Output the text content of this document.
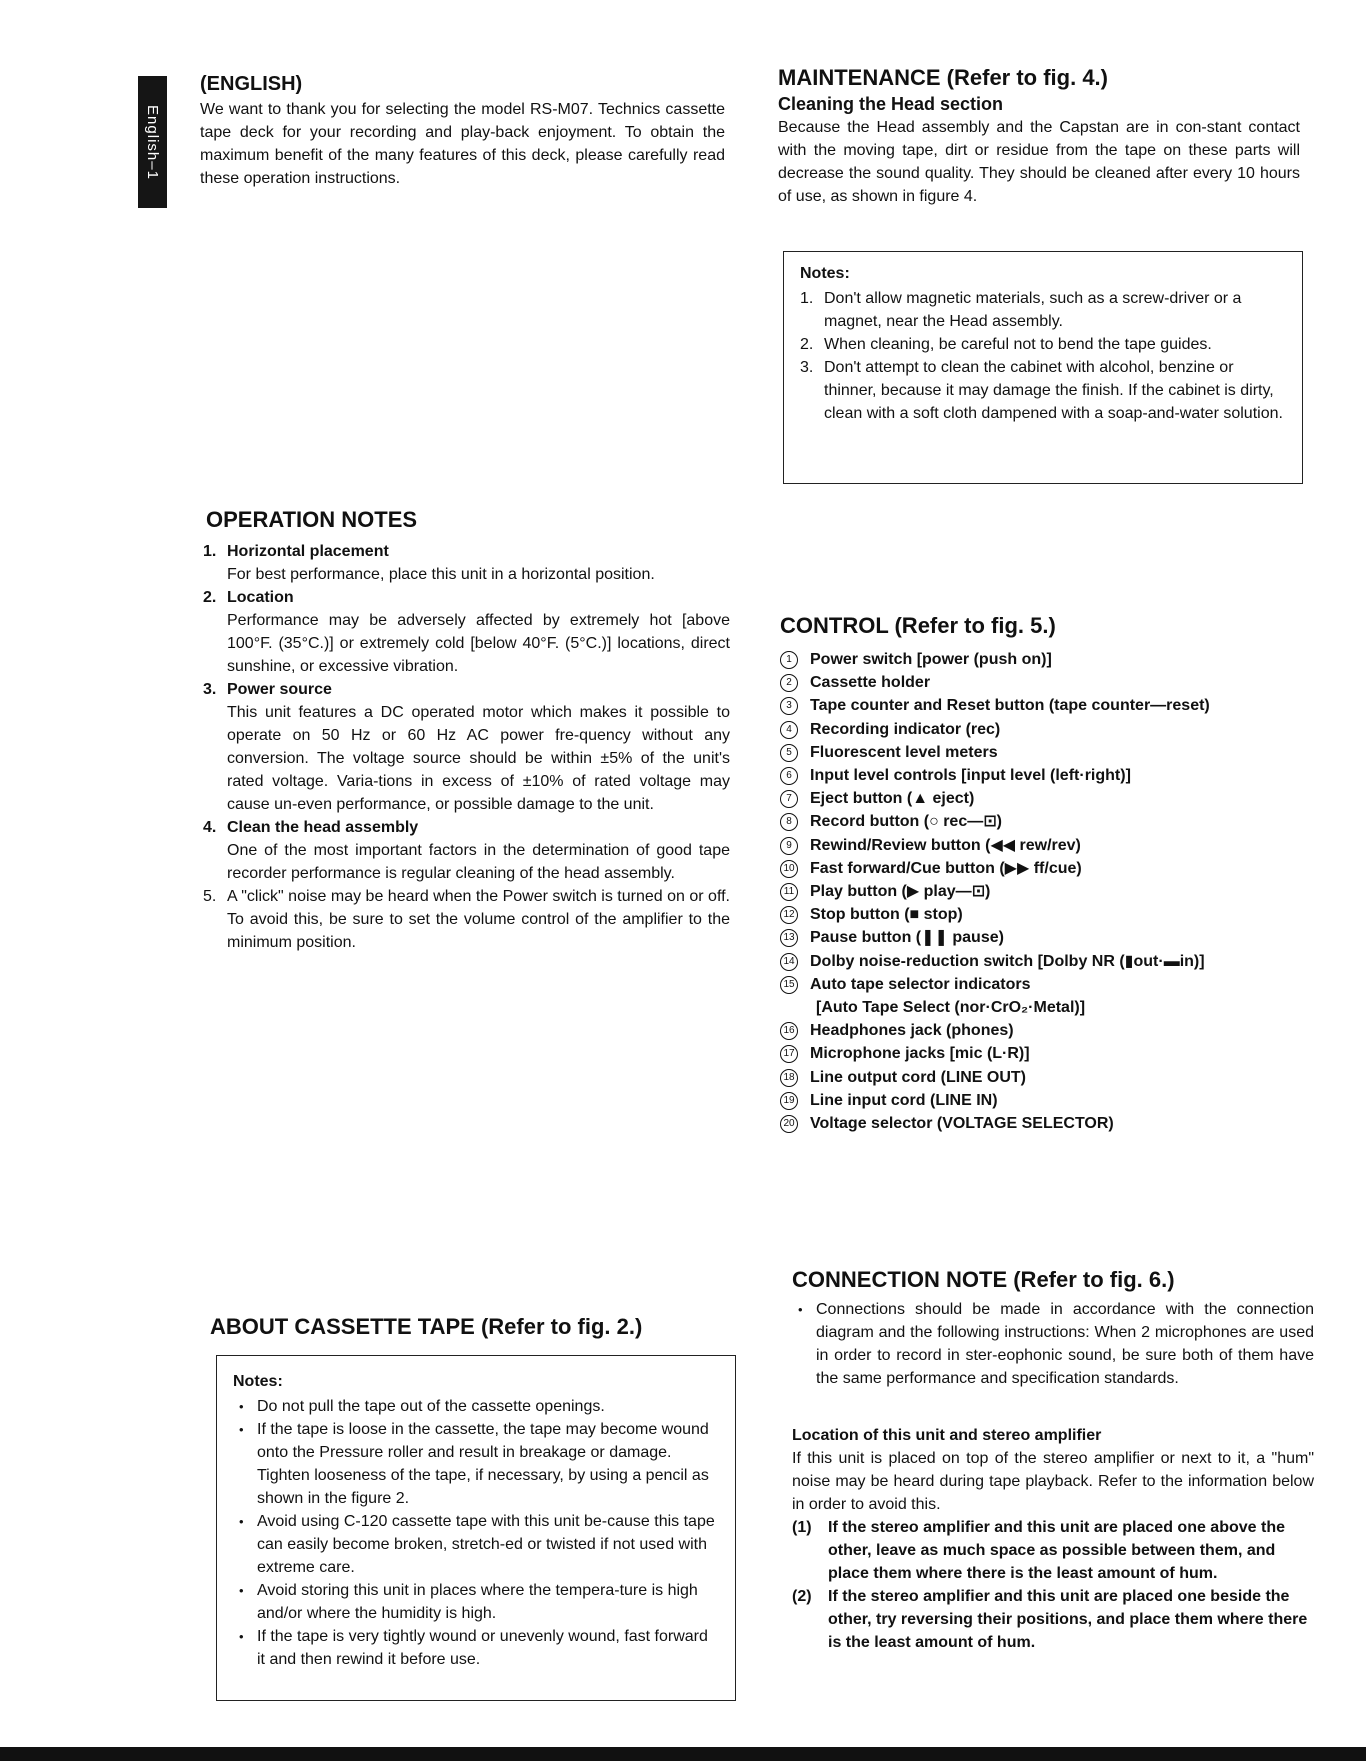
English–1
(ENGLISH)

We want to thank you for selecting the model RS-M07. Technics cassette tape deck for your recording and play-back enjoyment. To obtain the maximum benefit of the many features of this deck, please carefully read these operation instructions.

MAINTENANCE (Refer to fig. 4.)
Cleaning the Head section

Because the Head assembly and the Capstan are in con-stant contact with the moving tape, dirt or residue from the tape on these parts will decrease the sound quality. They should be cleaned after every 10 hours of use, as shown in figure 4.

Notes:
1. Don't allow magnetic materials, such as a screw-driver or a magnet, near the Head assembly.
2. When cleaning, be careful not to bend the tape guides.
3. Don't attempt to clean the cabinet with alcohol, benzine or thinner, because it may damage the finish. If the cabinet is dirty, clean with a soft cloth dampened with a soap-and-water solution.
OPERATION NOTES
1. Horizontal placement
For best performance, place this unit in a horizontal position.
2. Location
Performance may be adversely affected by extremely hot [above 100°F. (35°C.)] or extremely cold [below 40°F. (5°C.)] locations, direct sunshine, or excessive vibration.
3. Power source
This unit features a DC operated motor which makes it possible to operate on 50 Hz or 60 Hz AC power fre-quency without any conversion. The voltage source should be within ±5% of the unit's rated voltage. Varia-tions in excess of ±10% of rated voltage may cause un-even performance, or possible damage to the unit.
4. Clean the head assembly
One of the most important factors in the determination of good tape recorder performance is regular cleaning of the head assembly.
5. A "click" noise may be heard when the Power switch is turned on or off. To avoid this, be sure to set the volume control of the amplifier to the minimum position.
CONTROL (Refer to fig. 5.)
1	Power switch [power (push on)]
2	Cassette holder
3	Tape counter and Reset button (tape counter—reset)
4	Recording indicator (rec)
5	Fluorescent level meters
6	Input level controls [input level (left·right)]
7	Eject button (▲ eject)
8	Record button (○ rec—⊡)
9	Rewind/Review button (◀◀ rew/rev)
10 Fast forward/Cue button (▶▶ ff/cue)
11 Play button (▶ play—⊡)
12 Stop button (■ stop)
13 Pause button (❚❚ pause)
14 Dolby noise-reduction switch [Dolby NR (▮out·▬in)]
15 Auto tape selector indicators
[Auto Tape Select (nor·CrO₂·Metal)]
16 Headphones jack (phones)
17 Microphone jacks [mic (L·R)]
18 Line output cord (LINE OUT)
19 Line input cord (LINE IN)
20 Voltage selector (VOLTAGE SELECTOR)
ABOUT CASSETTE TAPE (Refer to fig. 2.)
Notes:
• Do not pull the tape out of the cassette openings.
• If the tape is loose in the cassette, the tape may become wound onto the Pressure roller and result in breakage or damage. Tighten looseness of the tape, if necessary, by using a pencil as shown in the figure 2.
• Avoid using C-120 cassette tape with this unit be-cause this tape can easily become broken, stretch-ed or twisted if not used with extreme care.
• Avoid storing this unit in places where the tempera-ture is high and/or where the humidity is high.
• If the tape is very tightly wound or unevenly wound, fast forward it and then rewind it before use.
CONNECTION NOTE (Refer to fig. 6.)
• Connections should be made in accordance with the connection diagram and the following instructions: When 2 microphones are used in order to record in ster-eophonic sound, be sure both of them have the same performance and specification standards.
Location of this unit and stereo amplifier

If this unit is placed on top of the stereo amplifier or next to it, a "hum" noise may be heard during tape playback. Refer to the information below in order to avoid this.

(1) If the stereo amplifier and this unit are placed one above the other, leave as much space as possible between them, and place them where there is the least amount of hum.
(2) If the stereo amplifier and this unit are placed one beside the other, try reversing their positions, and place them where there is the least amount of hum.
